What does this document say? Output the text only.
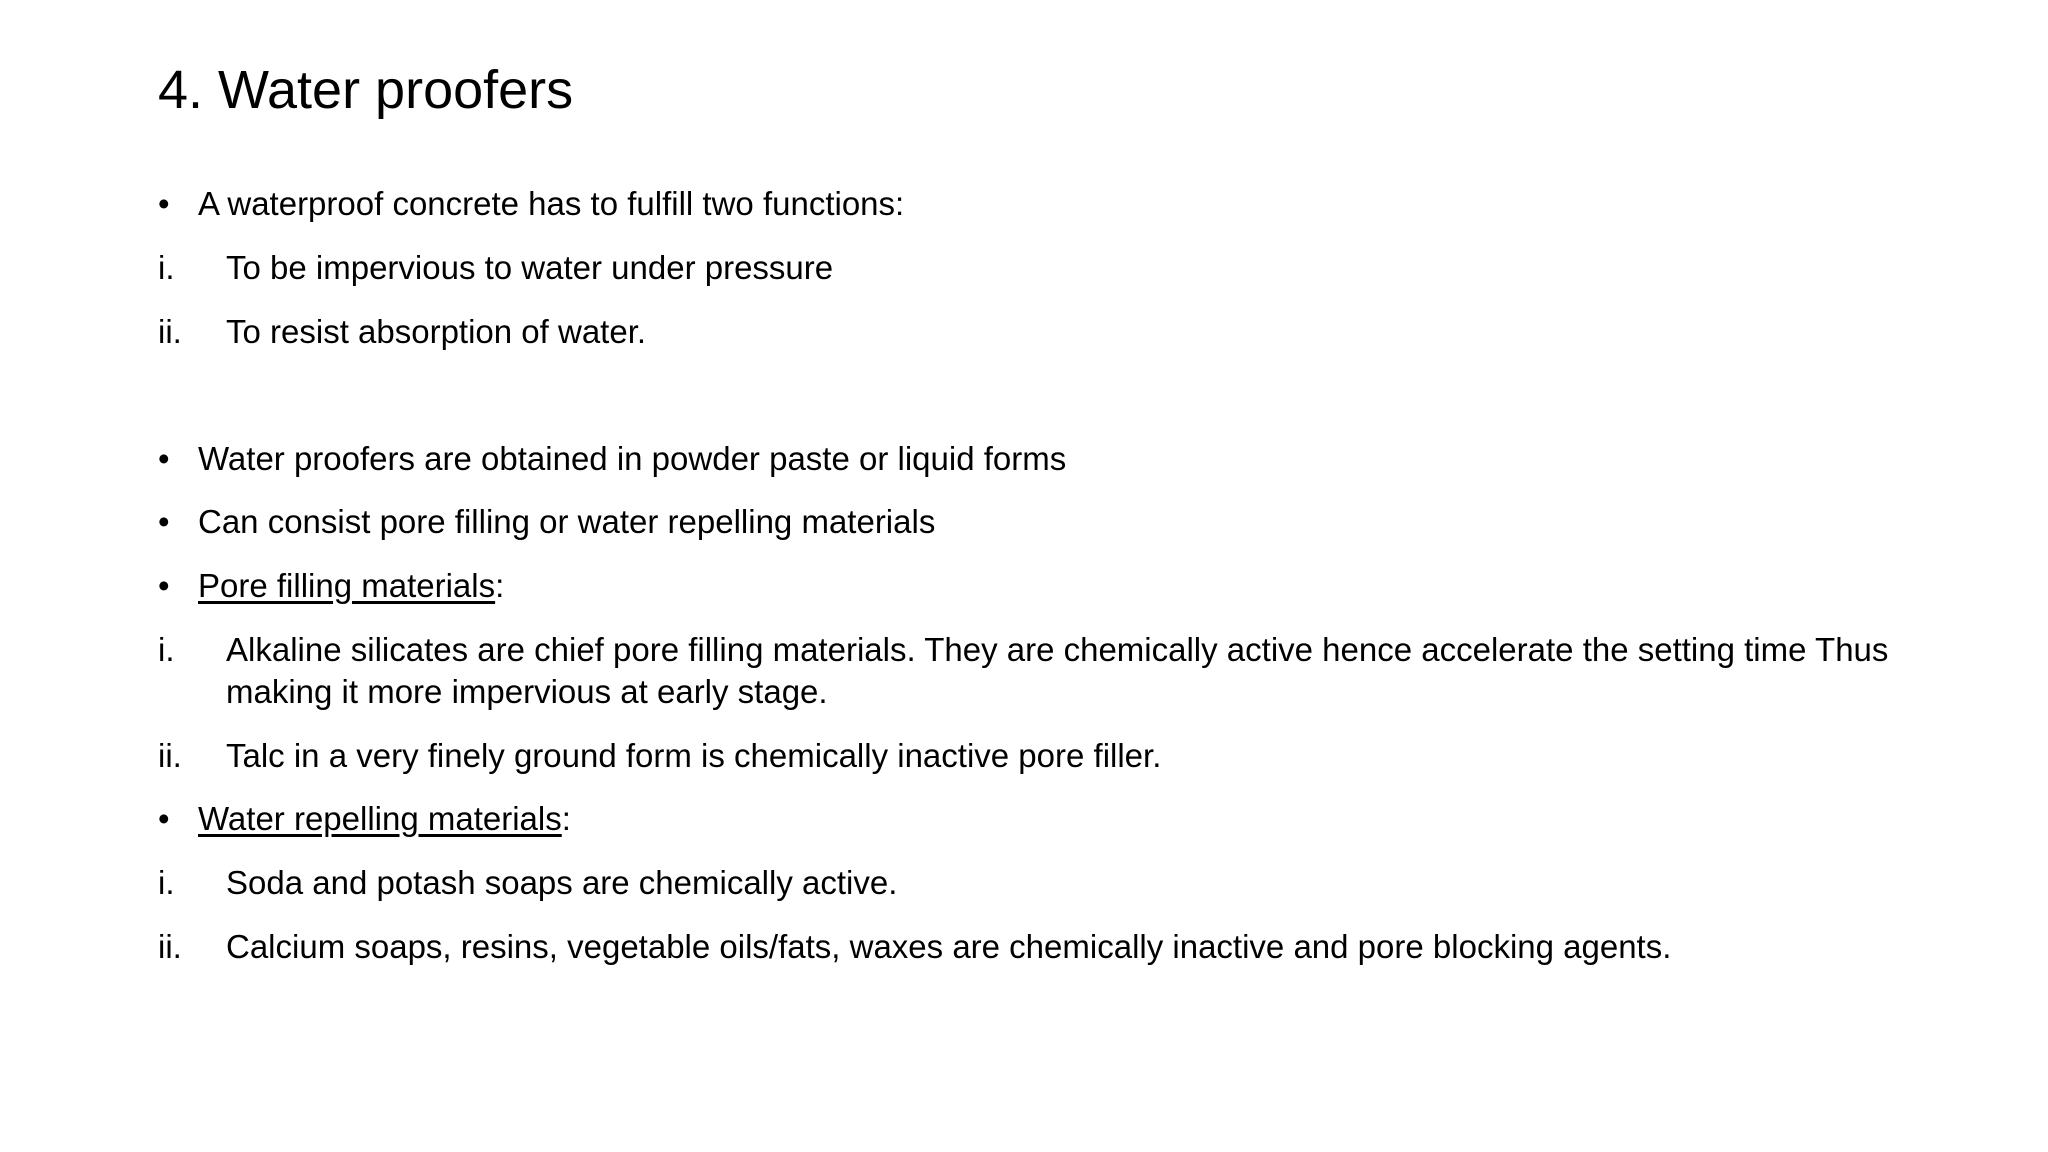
4. Water proofers
• A waterproof concrete has to fulfill two functions:
i. To be impervious to water under pressure
ii. To resist absorption of water.
• Water proofers are obtained in powder paste or liquid forms
• Can consist pore filling or water repelling materials
• Pore filling materials:
i. Alkaline silicates are chief pore filling materials. They are chemically active hence accelerate the setting time Thus making it more impervious at early stage.
ii. Talc in a very finely ground form is chemically inactive pore filler.
• Water repelling materials:
i. Soda and potash soaps are chemically active.
ii. Calcium soaps, resins, vegetable oils/fats, waxes are chemically inactive and pore blocking agents.
